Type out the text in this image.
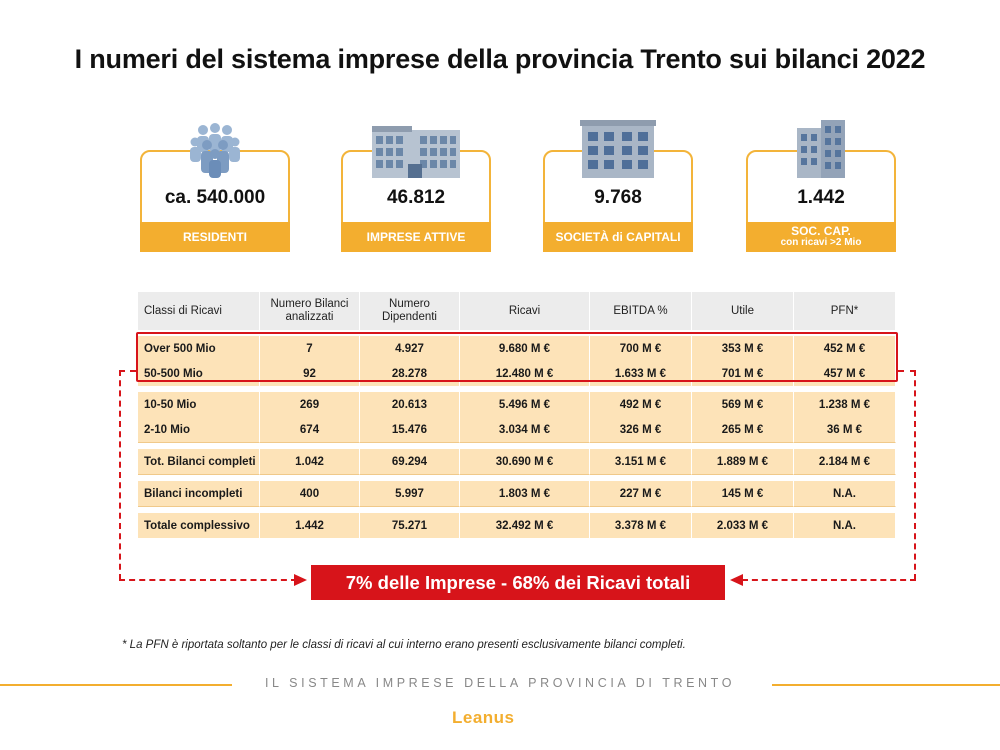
I numeri del sistema imprese della provincia Trento sui bilanci 2022
ca. 540.000
RESIDENTI
46.812
IMPRESE ATTIVE
9.768
SOCIETÀ di CAPITALI
1.442
SOC. CAP.
con ricavi >2 Mio
Classi di Ricavi	Numero Bilanci analizzati	Numero Dipendenti	Ricavi	EBITDA %	Utile	PFN*

Over 500 Mio	7	4.927	9.680 M €	700 M €	353 M €	452 M €
50-500 Mio	92	28.278	12.480 M €	1.633 M €	701 M €	457 M €

10-50 Mio	269	20.613	5.496 M €	492 M €	569 M €	1.238 M €
2-10 Mio	674	15.476	3.034 M €	326 M €	265 M €	36 M €

Tot. Bilanci completi	1.042	69.294	30.690 M €	3.151 M €	1.889 M €	2.184 M €

Bilanci incompleti	400	5.997	1.803 M €	227 M €	145 M €	N.A.

Totale complessivo	1.442	75.271	32.492 M €	3.378 M €	2.033 M €	N.A.
7% delle Imprese - 68% dei Ricavi totali
* La PFN è riportata soltanto per le classi di ricavi al cui interno erano presenti esclusivamente bilanci completi.
IL SISTEMA IMPRESE DELLA PROVINCIA DI TRENTO
Leanus
